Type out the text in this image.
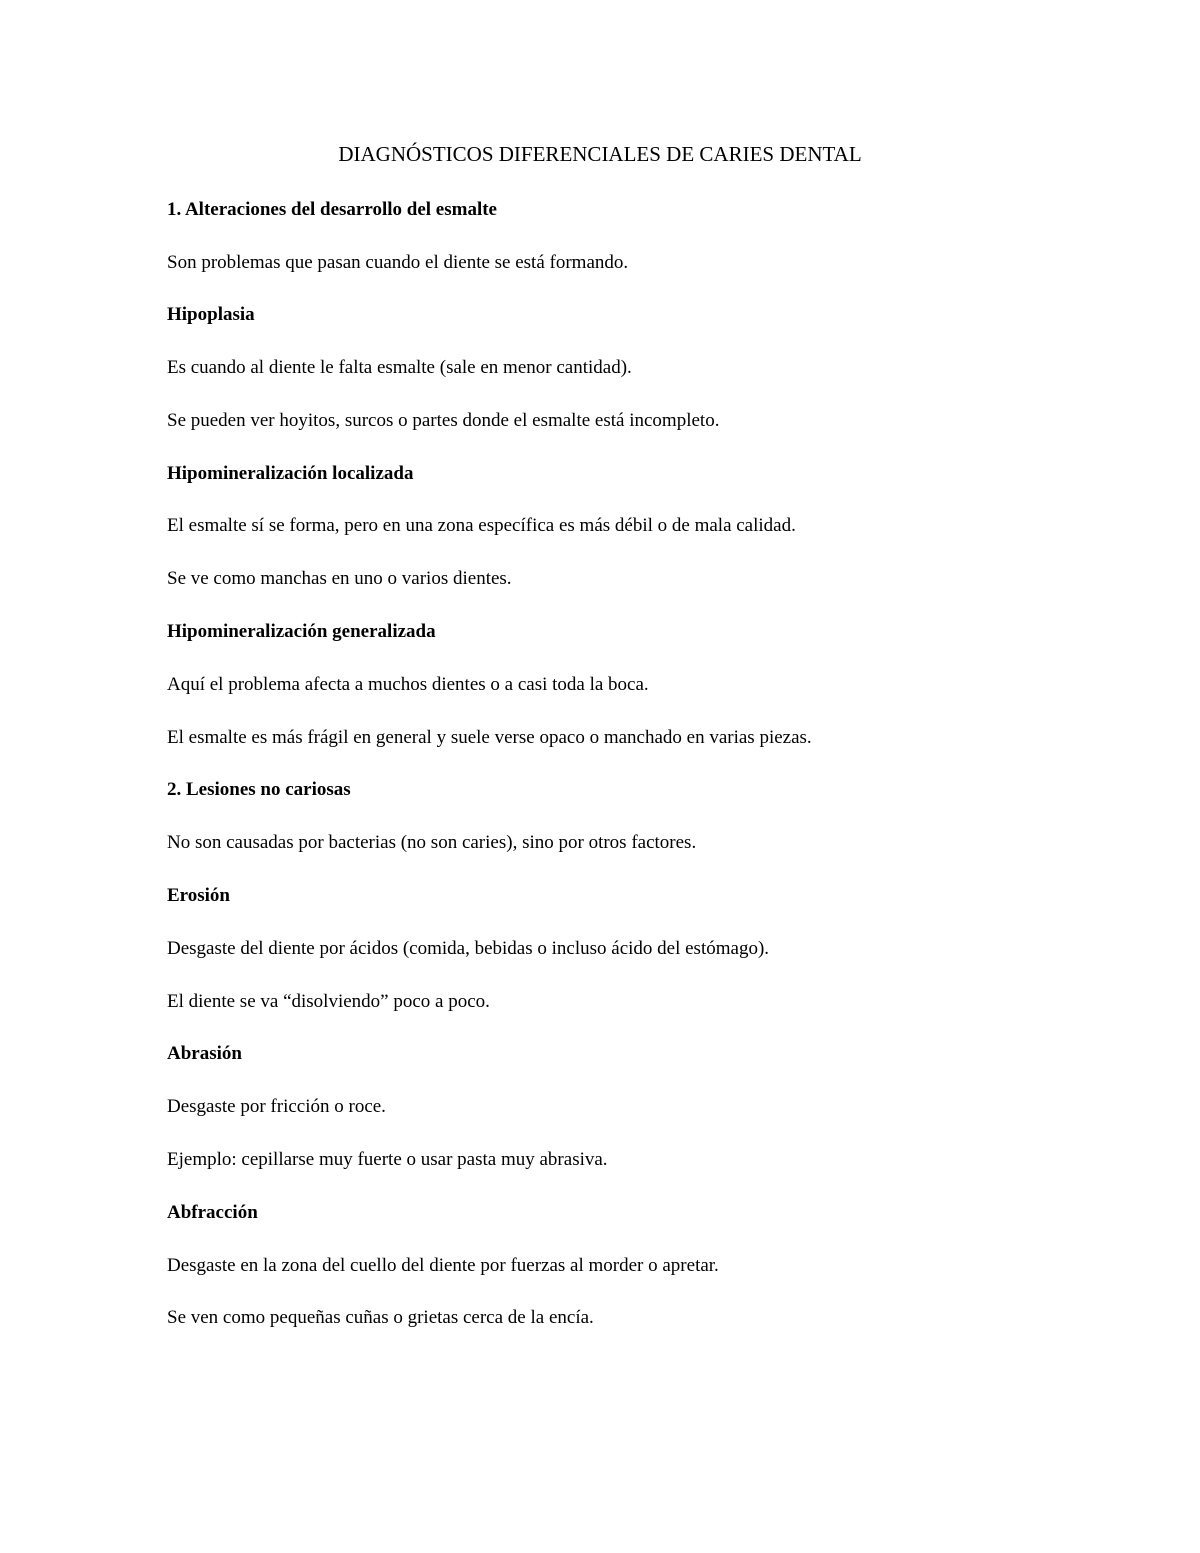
DIAGNÓSTICOS DIFERENCIALES DE CARIES DENTAL
1. Alteraciones del desarrollo del esmalte
Son problemas que pasan cuando el diente se está formando.
Hipoplasia
Es cuando al diente le falta esmalte (sale en menor cantidad).
Se pueden ver hoyitos, surcos o partes donde el esmalte está incompleto.
Hipomineralización localizada
El esmalte sí se forma, pero en una zona específica es más débil o de mala calidad.
Se ve como manchas en uno o varios dientes.
Hipomineralización generalizada
Aquí el problema afecta a muchos dientes o a casi toda la boca.
El esmalte es más frágil en general y suele verse opaco o manchado en varias piezas.
2. Lesiones no cariosas
No son causadas por bacterias (no son caries), sino por otros factores.
Erosión
Desgaste del diente por ácidos (comida, bebidas o incluso ácido del estómago).
El diente se va “disolviendo” poco a poco.
Abrasión
Desgaste por fricción o roce.
Ejemplo: cepillarse muy fuerte o usar pasta muy abrasiva.
Abfracción
Desgaste en la zona del cuello del diente por fuerzas al morder o apretar.
Se ven como pequeñas cuñas o grietas cerca de la encía.
